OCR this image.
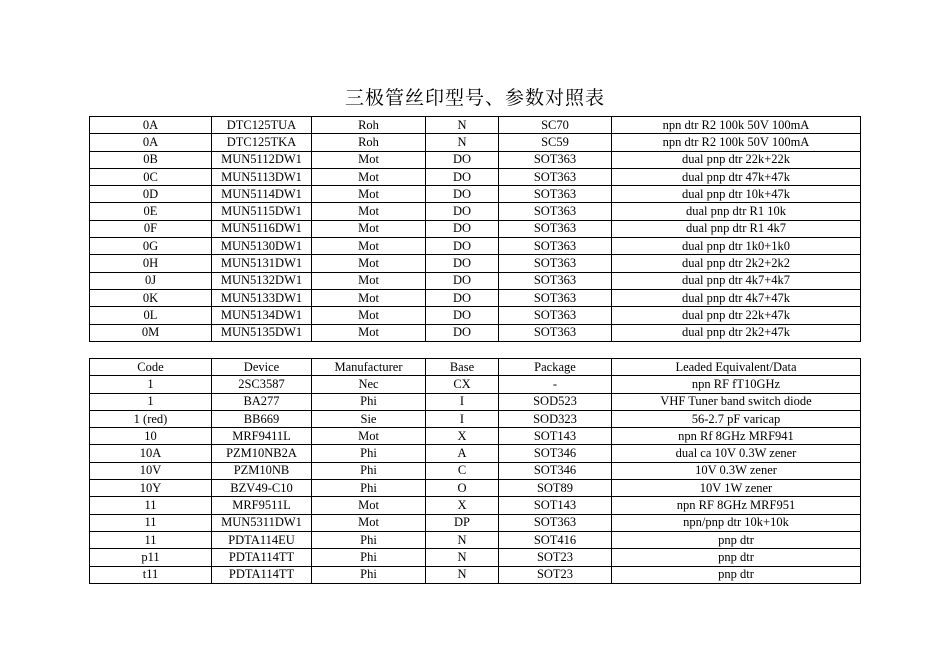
三极管丝印型号、参数对照表
0A	DTC125TUA	Roh	N	SC70	npn dtr R2 100k 50V 100mA
0A	DTC125TKA	Roh	N	SC59	npn dtr R2 100k 50V 100mA
0B	MUN5112DW1	Mot	DO	SOT363	dual pnp dtr 22k+22k
0C	MUN5113DW1	Mot	DO	SOT363	dual pnp dtr 47k+47k
0D	MUN5114DW1	Mot	DO	SOT363	dual pnp dtr 10k+47k
0E	MUN5115DW1	Mot	DO	SOT363	dual pnp dtr R1 10k
0F	MUN5116DW1	Mot	DO	SOT363	dual pnp dtr R1 4k7
0G	MUN5130DW1	Mot	DO	SOT363	dual pnp dtr 1k0+1k0
0H	MUN5131DW1	Mot	DO	SOT363	dual pnp dtr 2k2+2k2
0J	MUN5132DW1	Mot	DO	SOT363	dual pnp dtr 4k7+4k7
0K	MUN5133DW1	Mot	DO	SOT363	dual pnp dtr 4k7+47k
0L	MUN5134DW1	Mot	DO	SOT363	dual pnp dtr 22k+47k
0M	MUN5135DW1	Mot	DO	SOT363	dual pnp dtr 2k2+47k
Code	Device	Manufacturer	Base	Package	Leaded Equivalent/Data
1	2SC3587	Nec	CX	-	npn RF fT10GHz
1	BA277	Phi	I	SOD523	VHF Tuner band switch diode
1 (red)	BB669	Sie	I	SOD323	56-2.7 pF varicap
10	MRF9411L	Mot	X	SOT143	npn Rf 8GHz MRF941
10A	PZM10NB2A	Phi	A	SOT346	dual ca 10V 0.3W zener
10V	PZM10NB	Phi	C	SOT346	10V 0.3W zener
10Y	BZV49-C10	Phi	O	SOT89	10V 1W zener
11	MRF9511L	Mot	X	SOT143	npn RF 8GHz MRF951
11	MUN5311DW1	Mot	DP	SOT363	npn/pnp dtr 10k+10k
11	PDTA114EU	Phi	N	SOT416	pnp dtr
p11	PDTA114TT	Phi	N	SOT23	pnp dtr
t11	PDTA114TT	Phi	N	SOT23	pnp dtr
